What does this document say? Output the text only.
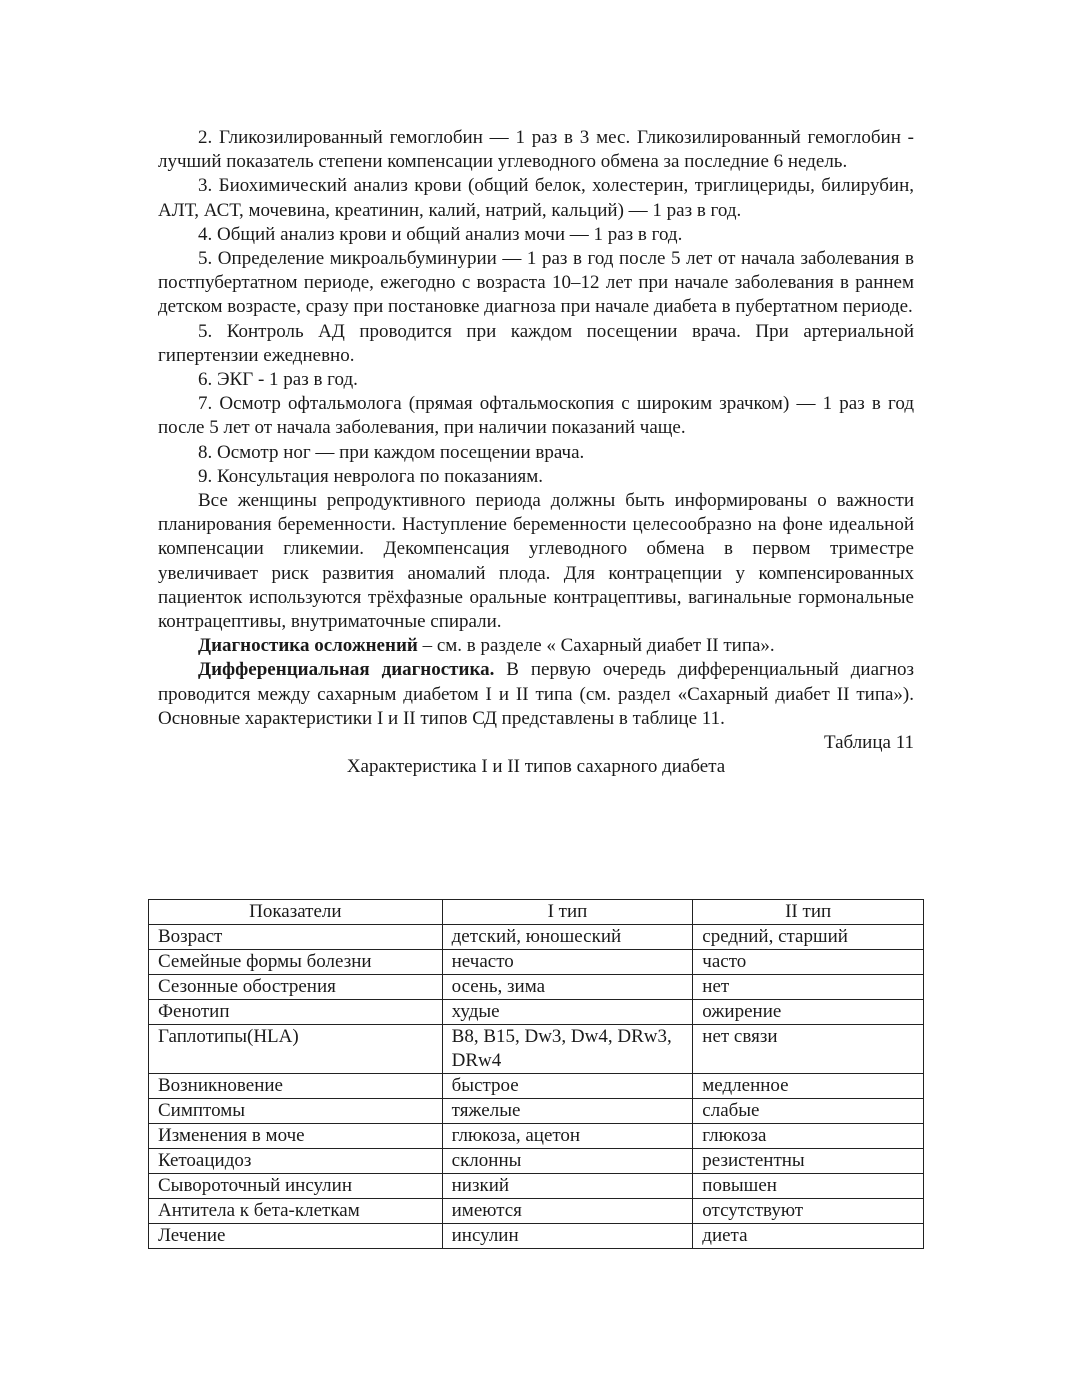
2. Гликозилированный гемоглобин — 1 раз в 3 мес. Гликозилированный гемоглобин - лучший показатель степени компенсации углеводного обмена за последние 6 недель.

3. Биохимический анализ крови (общий белок, холестерин, триглицериды, билирубин, АЛТ, АСТ, мочевина, креатинин, калий, натрий, кальций) — 1 раз в год.

4. Общий анализ крови и общий анализ мочи — 1 раз в год.

5. Определение микроальбуминурии — 1 раз в год после 5 лет от начала заболевания в постпубертатном периоде, ежегодно с возраста 10–12 лет при начале заболевания в раннем детском возрасте, сразу при постановке диагноза при начале диабета в пубертатном периоде.

5. Контроль АД проводится при каждом посещении врача. При артериальной гипертензии ежедневно.

6. ЭКГ - 1 раз в год.

7. Осмотр офтальмолога (прямая офтальмоскопия с широким зрачком) — 1 раз в год после 5 лет от начала заболевания, при наличии показаний чаще.

8. Осмотр ног — при каждом посещении врача.

9. Консультация невролога по показаниям.

Все женщины репродуктивного периода должны быть информированы о важности планирования беременности. Наступление беременности целесообразно на фоне идеальной компенсации гликемии. Декомпенсация углеводного обмена в первом триместре увеличивает риск развития аномалий плода. Для контрацепции у компенсированных пациенток используются трёхфазные оральные контрацептивы, вагинальные гормональные контрацептивы, внутриматочные спирали.

Диагностика осложнений – см. в разделе « Сахарный диабет II типа».

Дифференциальная диагностика. В первую очередь дифференциальный диагноз проводится между сахарным диабетом I и II типа (см. раздел «Сахарный диабет II типа»). Основные характеристики I и II типов СД представлены в таблице 11.

Таблица 11

Характеристика I и II типов сахарного диабета

Показатели	I тип	II тип
Возраст	детский, юношеский	средний, старший
Семейные формы болезни	нечасто	часто
Сезонные обострения	осень, зима	нет
Фенотип	худые	ожирение
Гаплотипы(HLA)	B8, B15, Dw3, Dw4, DRw3, DRw4	нет связи
Возникновение	быстрое	медленное
Симптомы	тяжелые	слабые
Изменения в моче	глюкоза, ацетон	глюкоза
Кетоацидоз	склонны	резистентны
Сывороточный инсулин	низкий	повышен
Антитела к бета-клеткам	имеются	отсутствуют
Лечение	инсулин	диета
